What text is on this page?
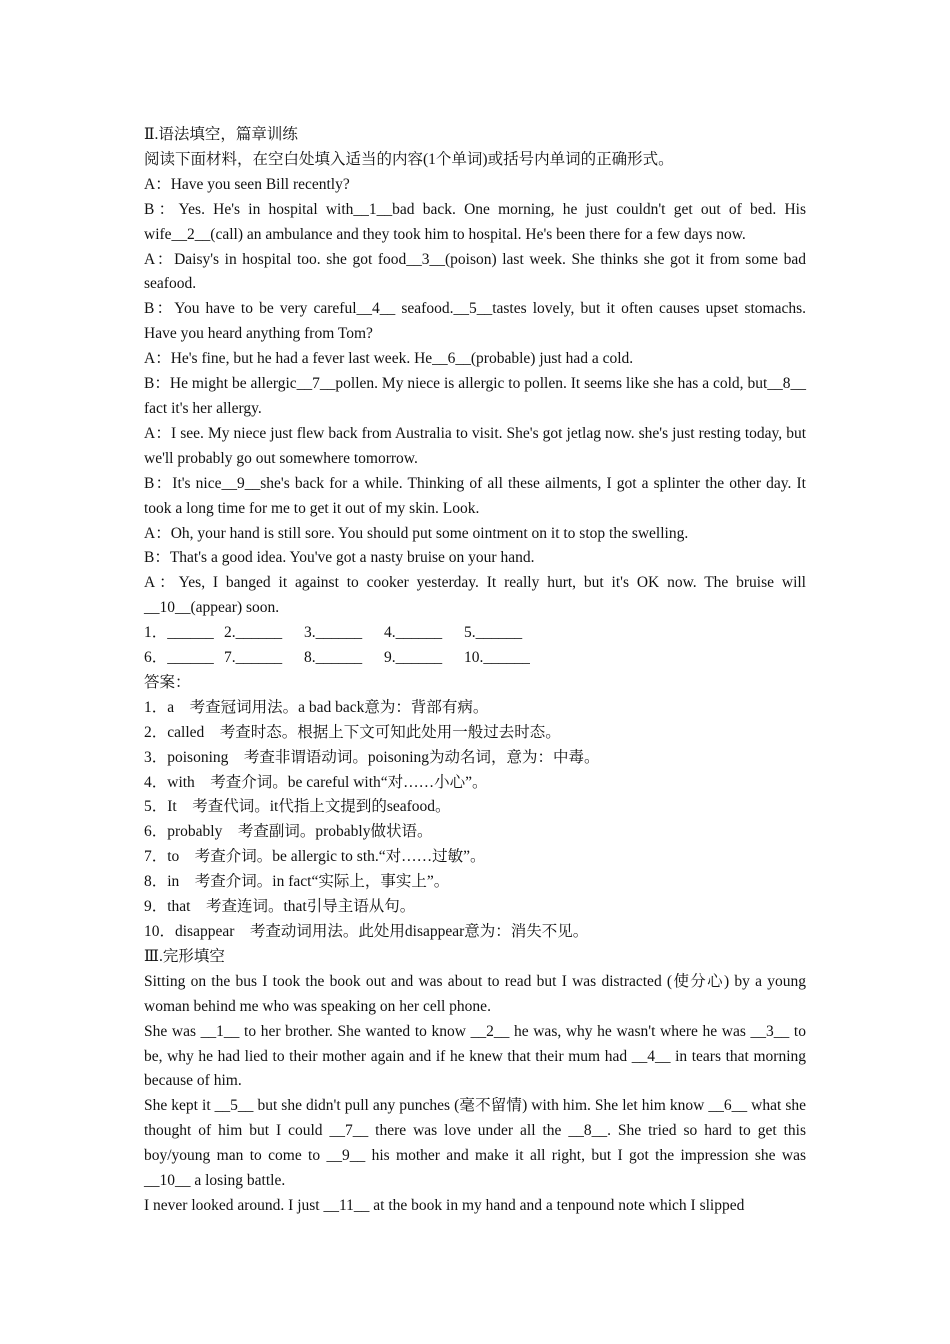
Ⅱ.语法填空，篇章训练

阅读下面材料，在空白处填入适当的内容(1个单词)或括号内单词的正确形式。

A：Have you seen Bill recently?

B：Yes. He's in hospital with__1__bad back. One morning, he just couldn't get out of bed. His wife__2__(call) an ambulance and they took him to hospital. He's been there for a few days now.

A：Daisy's in hospital too. she got food__3__(poison) last week. She thinks she got it from some bad seafood.

B：You have to be very careful__4__ seafood.__5__tastes lovely, but it often causes upset stomachs. Have you heard anything from Tom?

A：He's fine, but he had a fever last week. He__6__(probable) just had a cold.

B：He might be allergic__7__pollen. My niece is allergic to pollen. It seems like she has a cold, but__8__ fact it's her allergy.

A：I see. My niece just flew back from Australia to visit. She's got jetlag now. she's just resting today, but we'll probably go out somewhere tomorrow.

B：It's nice__9__she's back for a while. Thinking of all these ailments, I got a splinter the other day. It took a long time for me to get it out of my skin. Look.

A：Oh, your hand is still sore. You should put some ointment on it to stop the swelling.

B：That's a good idea. You've got a nasty bruise on your hand.

A：Yes, I banged it against to cooker yesterday. It really hurt, but it's OK now. The bruise will __10__(appear) soon.

1．______ 2.______	3.______	4.______	5.______
6．______ 7.______	8.______	9.______	10.______

答案：

1．a　考查冠词用法。a bad back意为：背部有病。

2．called　考查时态。根据上下文可知此处用一般过去时态。

3．poisoning　考查非谓语动词。poisoning为动名词，意为：中毒。

4．with　考查介词。be careful with“对……小心”。

5．It　考查代词。it代指上文提到的seafood。

6．probably　考查副词。probably做状语。

7．to　考查介词。be allergic to sth.“对……过敏”。

8．in　考查介词。in fact“实际上，事实上”。

9．that　考查连词。that引导主语从句。

10．disappear　考查动词用法。此处用disappear意为：消失不见。

Ⅲ.完形填空

Sitting on the bus I took the book out and was about to read but I was distracted (使分心) by a young woman behind me who was speaking on her cell phone.

She was __1__ to her brother. She wanted to know __2__ he was, why he wasn't where he was __3__ to be, why he had lied to their mother again and if he knew that their mum had __4__ in tears that morning because of him.

She kept it __5__ but she didn't pull any punches (毫不留情) with him. She let him know __6__ what she thought of him but I could __7__ there was love under all the __8__. She tried so hard to get this boy/young man to come to __9__ his mother and make it all right, but I got the impression she was __10__ a losing battle.

I never looked around. I just __11__ at the book in my hand and a tenpound note which I slipped
